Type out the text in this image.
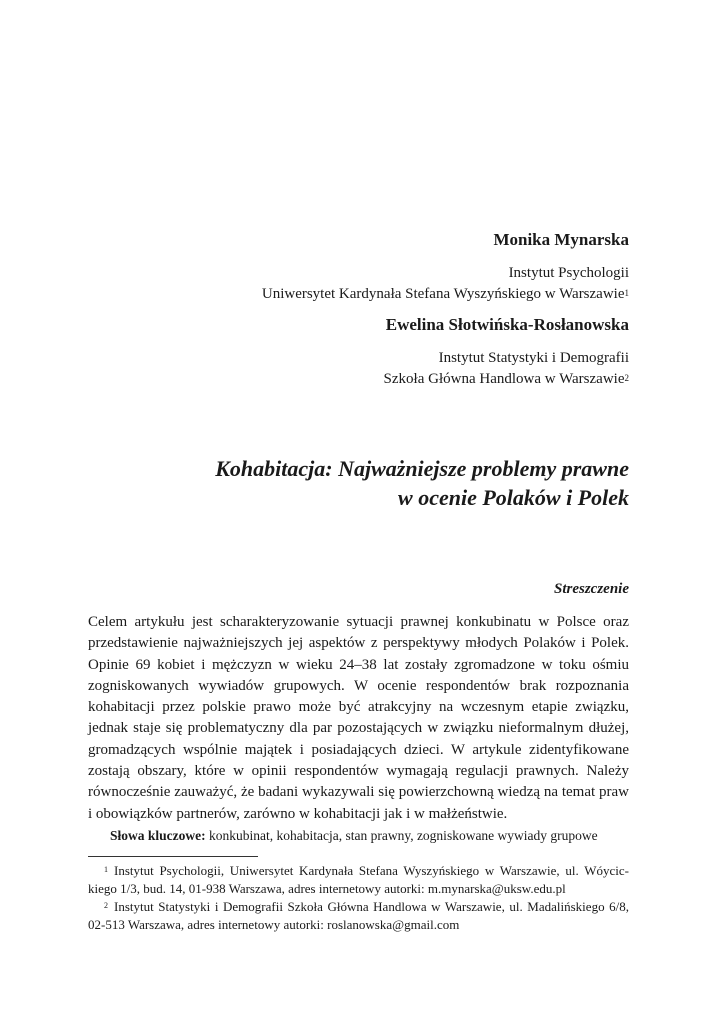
Monika Mynarska
Instytut Psychologii
Uniwersytet Kardynała Stefana Wyszyńskiego w Warszawie$^1$
Ewelina Słotwińska-Rosłanowska
Instytut Statystyki i Demografii
Szkoła Główna Handlowa w Warszawie$^2$
Kohabitacja: Najważniejsze problemy prawne
w ocenie Polaków i Polek
Streszczenie
Celem artykułu jest scharakteryzowanie sytuacji prawnej konkubinatu w Polsce oraz przedstawienie najważniejszych jej aspektów z perspektywy młodych Polaków i Polek. Opinie 69 kobiet i mężczyzn w wieku 24–38 lat zostały zgromadzone w toku ośmiu zogniskowanych wywiadów grupowych. W ocenie respondentów brak rozpoznania kohabitacji przez polskie prawo może być atrakcyjny na wczesnym etapie związku, jednak staje się problematyczny dla par pozostających w związku nieformalnym dłużej, gromadzących wspólnie majątek i posiadających dzieci. W artykule zidentyfikowane zostają obszary, które w opinii respondentów wymagają regulacji prawnych. Należy równocześnie zauważyć, że badani wykazywali się powierzchowną wiedzą na temat praw i obowiązków partnerów, zarówno w kohabitacji jak i w małżeństwie.
Słowa kluczowe: konkubinat, kohabitacja, stan prawny, zogniskowane wywiady grupowe

$^1$ Instytut Psychologii, Uniwersytet Kardynała Stefana Wyszyńskiego w Warszawie, ul. Wóycickiego 1/3, bud. 14, 01-938 Warszawa, adres internetowy autorki: m.mynarska@uksw.edu.pl

$^2$ Instytut Statystyki i Demografii Szkoła Główna Handlowa w Warszawie, ul. Madalińskiego 6/8, 02-513 Warszawa, adres internetowy autorki: roslanowska@gmail.com
